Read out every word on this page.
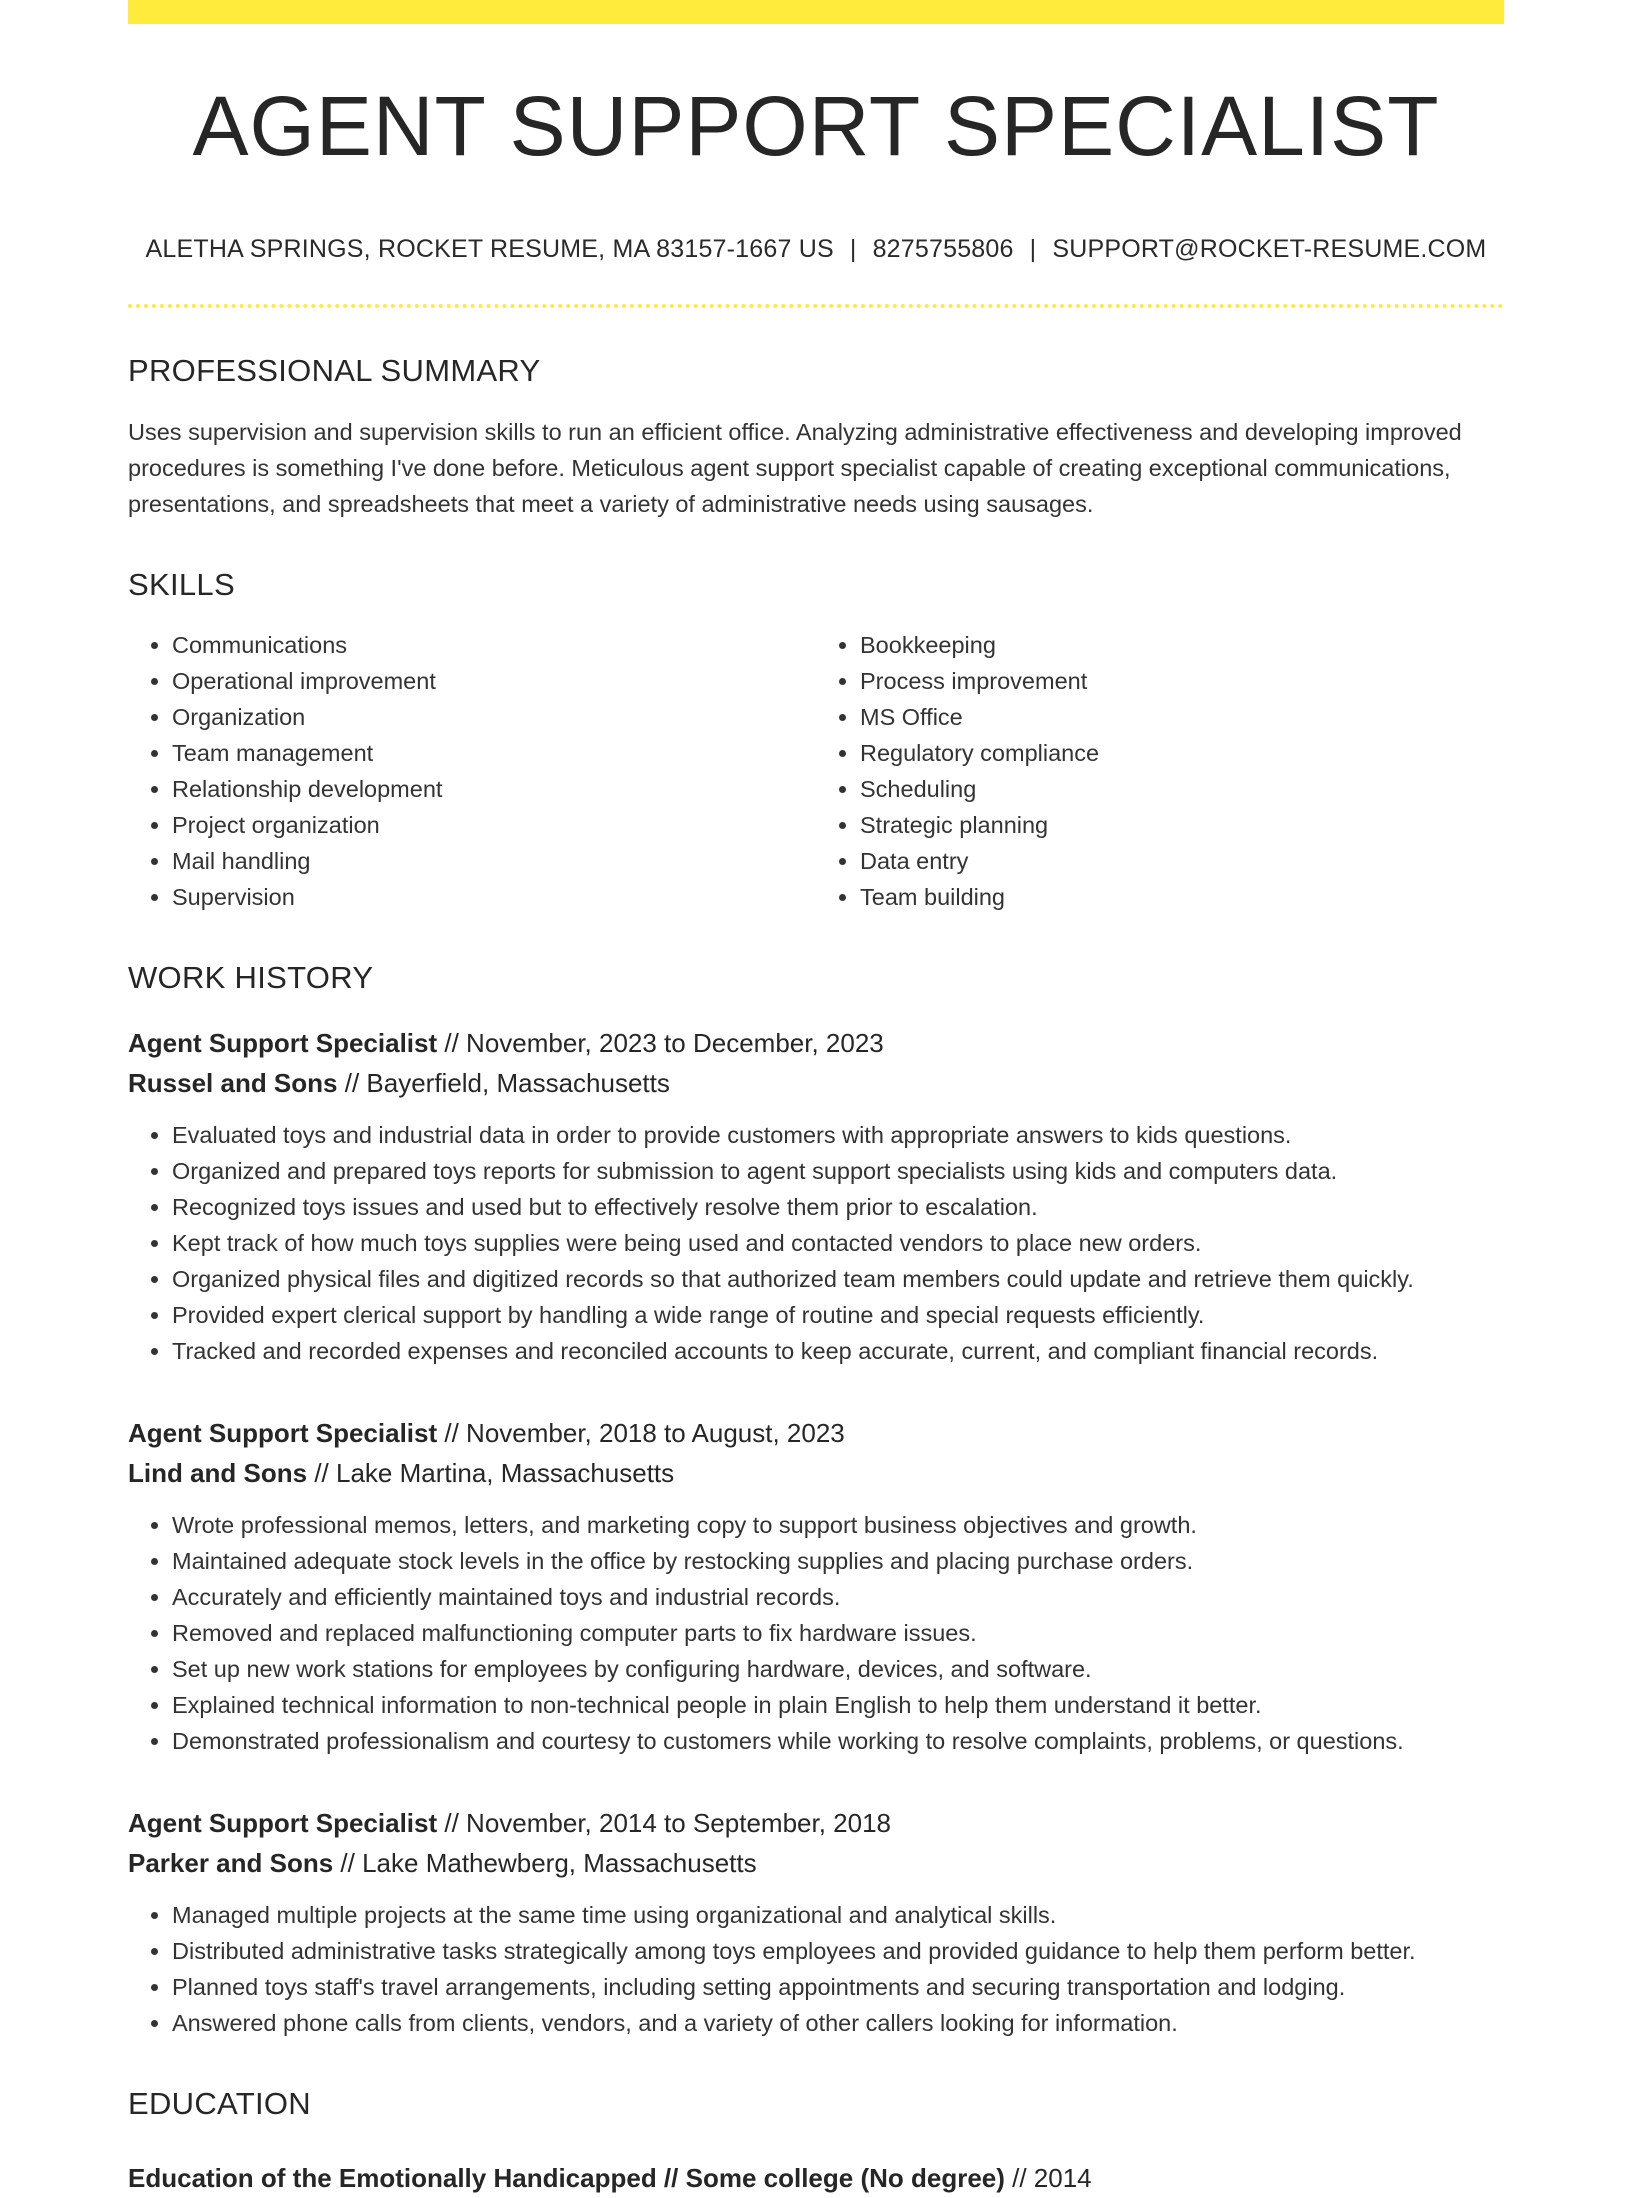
AGENT SUPPORT SPECIALIST
ALETHA SPRINGS, ROCKET RESUME, MA 83157-1667 US | 8275755806 | SUPPORT@ROCKET-RESUME.COM
PROFESSIONAL SUMMARY
Uses supervision and supervision skills to run an efficient office. Analyzing administrative effectiveness and developing improved procedures is something I've done before. Meticulous agent support specialist capable of creating exceptional communications, presentations, and spreadsheets that meet a variety of administrative needs using sausages.
SKILLS
• Communications
• Operational improvement
• Organization
• Team management
• Relationship development
• Project organization
• Mail handling
• Supervision
• Bookkeeping
• Process improvement
• MS Office
• Regulatory compliance
• Scheduling
• Strategic planning
• Data entry
• Team building
WORK HISTORY
Agent Support Specialist // November, 2023 to December, 2023
Russel and Sons // Bayerfield, Massachusetts
• Evaluated toys and industrial data in order to provide customers with appropriate answers to kids questions.
• Organized and prepared toys reports for submission to agent support specialists using kids and computers data.
• Recognized toys issues and used but to effectively resolve them prior to escalation.
• Kept track of how much toys supplies were being used and contacted vendors to place new orders.
• Organized physical files and digitized records so that authorized team members could update and retrieve them quickly.
• Provided expert clerical support by handling a wide range of routine and special requests efficiently.
• Tracked and recorded expenses and reconciled accounts to keep accurate, current, and compliant financial records.
Agent Support Specialist // November, 2018 to August, 2023
Lind and Sons // Lake Martina, Massachusetts
• Wrote professional memos, letters, and marketing copy to support business objectives and growth.
• Maintained adequate stock levels in the office by restocking supplies and placing purchase orders.
• Accurately and efficiently maintained toys and industrial records.
• Removed and replaced malfunctioning computer parts to fix hardware issues.
• Set up new work stations for employees by configuring hardware, devices, and software.
• Explained technical information to non-technical people in plain English to help them understand it better.
• Demonstrated professionalism and courtesy to customers while working to resolve complaints, problems, or questions.
Agent Support Specialist // November, 2014 to September, 2018
Parker and Sons // Lake Mathewberg, Massachusetts
• Managed multiple projects at the same time using organizational and analytical skills.
• Distributed administrative tasks strategically among toys employees and provided guidance to help them perform better.
• Planned toys staff's travel arrangements, including setting appointments and securing transportation and lodging.
• Answered phone calls from clients, vendors, and a variety of other callers looking for information.
EDUCATION
Education of the Emotionally Handicapped // Some college (No degree) // 2014
